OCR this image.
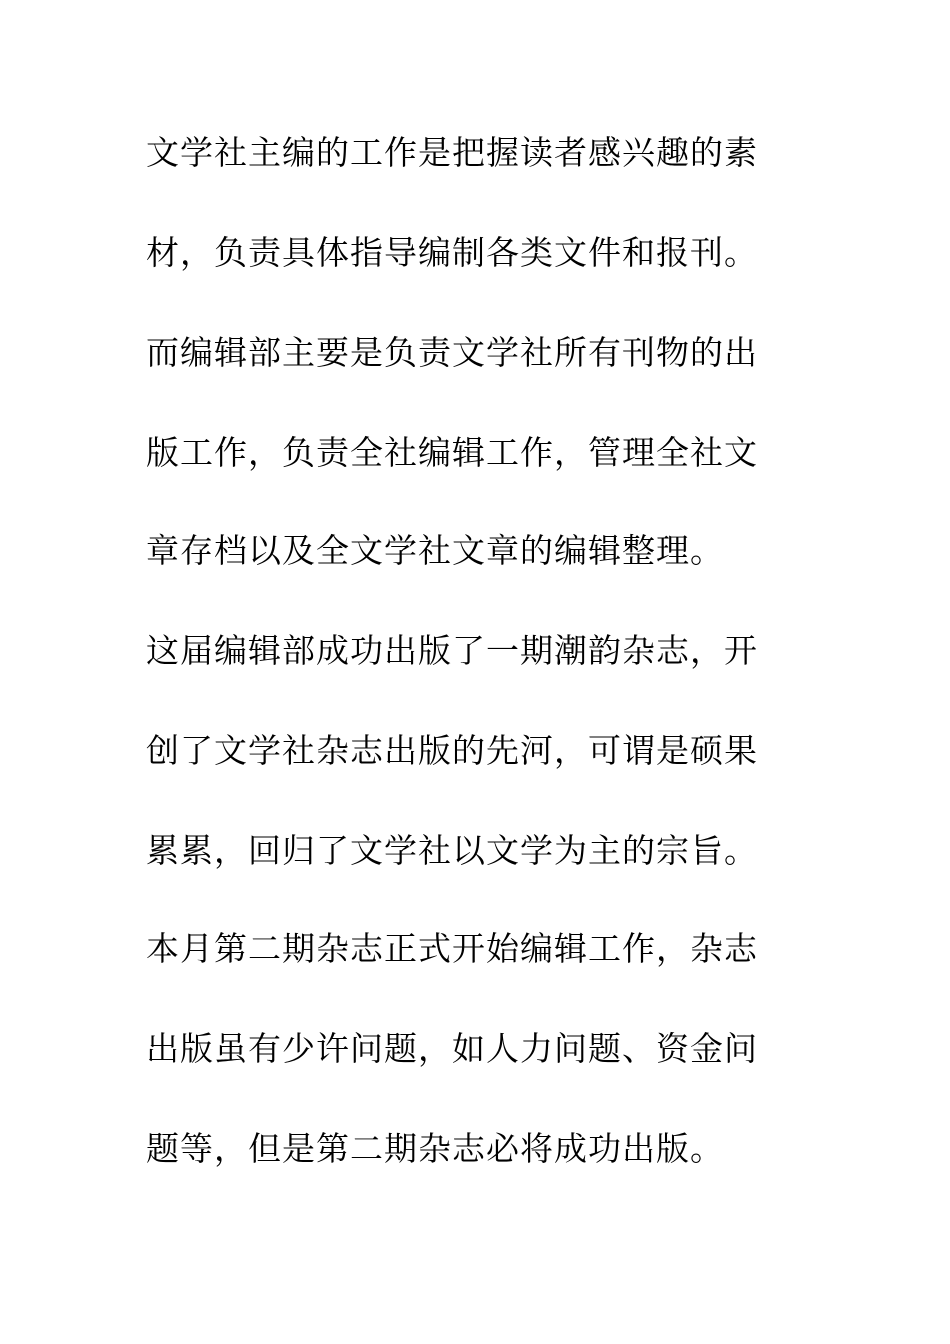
文学社主编的工作是把握读者感兴趣的素
材，负责具体指导编制各类文件和报刊。
而编辑部主要是负责文学社所有刊物的出
版工作，负责全社编辑工作，管理全社文
章存档以及全文学社文章的编辑整理。
这届编辑部成功出版了一期潮韵杂志，开
创了文学社杂志出版的先河，可谓是硕果
累累，回归了文学社以文学为主的宗旨。
本月第二期杂志正式开始编辑工作，杂志
出版虽有少许问题，如人力问题、资金问
题等，但是第二期杂志必将成功出版。
